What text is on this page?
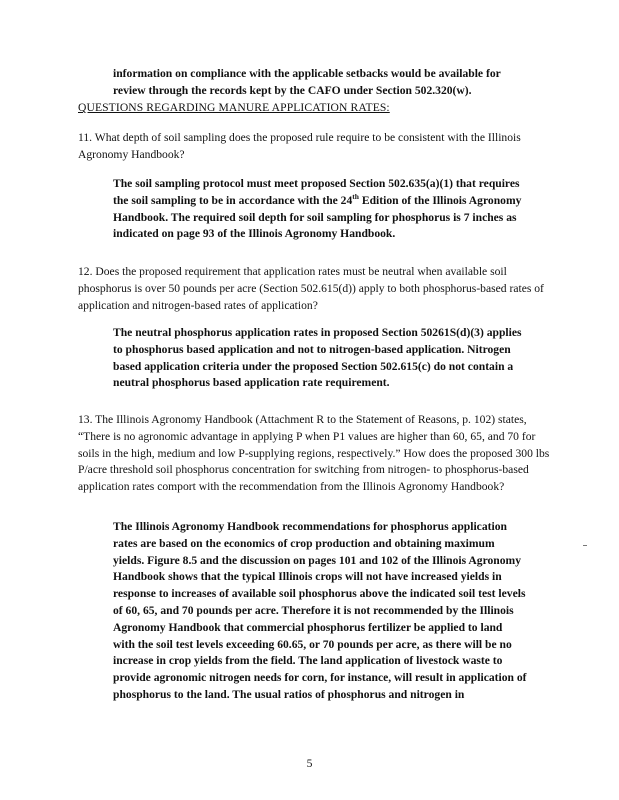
information on compliance with the applicable setbacks would be available for review through the records kept by the CAFO under Section 502.320(w).

QUESTIONS REGARDING MANURE APPLICATION RATES:

11. What depth of soil sampling does the proposed rule require to be consistent with the Illinois Agronomy Handbook?

The soil sampling protocol must meet proposed Section 502.635(a)(1) that requires the soil sampling to be in accordance with the 24th Edition of the Illinois Agronomy Handbook. The required soil depth for soil sampling for phosphorus is 7 inches as indicated on page 93 of the Illinois Agronomy Handbook.

12. Does the proposed requirement that application rates must be neutral when available soil phosphorus is over 50 pounds per acre (Section 502.615(d)) apply to both phosphorus-based rates of application and nitrogen-based rates of application?

The neutral phosphorus application rates in proposed Section 50261S(d)(3) applies to phosphorus based application and not to nitrogen-based application. Nitrogen based application criteria under the proposed Section 502.615(c) do not contain a neutral phosphorus based application rate requirement.

13. The Illinois Agronomy Handbook (Attachment R to the Statement of Reasons, p. 102) states, “There is no agronomic advantage in applying P when P1 values are higher than 60, 65, and 70 for soils in the high, medium and low P-supplying regions, respectively.” How does the proposed 300 lbs P/acre threshold soil phosphorus concentration for switching from nitrogen- to phosphorus-based application rates comport with the recommendation from the Illinois Agronomy Handbook?

The Illinois Agronomy Handbook recommendations for phosphorus application rates are based on the economics of crop production and obtaining maximum yields. Figure 8.5 and the discussion on pages 101 and 102 of the Illinois Agronomy Handbook shows that the typical Illinois crops will not have increased yields in response to increases of available soil phosphorus above the indicated soil test levels of 60, 65, and 70 pounds per acre. Therefore it is not recommended by the Illinois Agronomy Handbook that commercial phosphorus fertilizer be applied to land with the soil test levels exceeding 60.65, or 70 pounds per acre, as there will be no increase in crop yields from the field. The land application of livestock waste to provide agronomic nitrogen needs for corn, for instance, will result in application of phosphorus to the land. The usual ratios of phosphorus and nitrogen in

5
